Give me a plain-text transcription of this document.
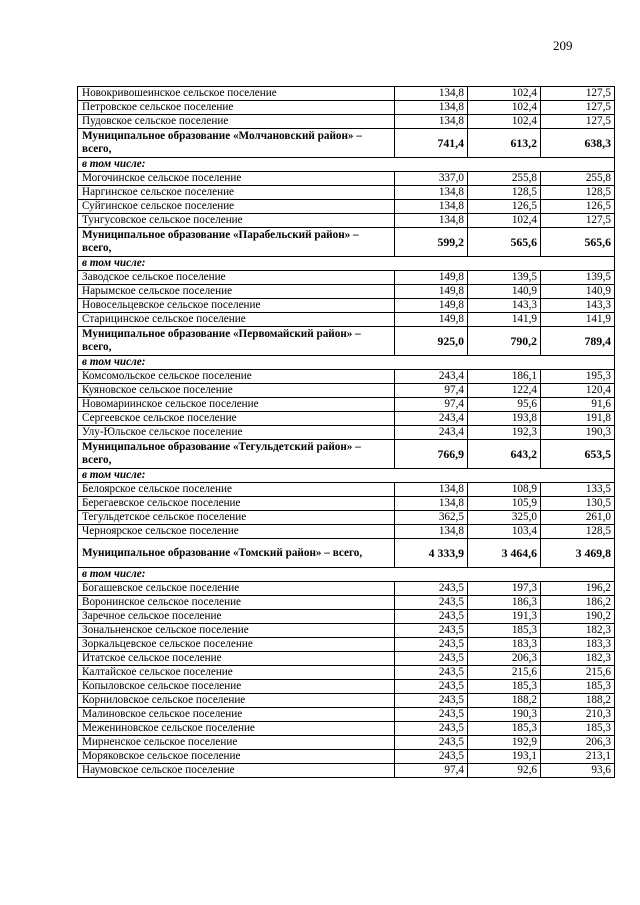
209
Новокривошеинское сельское поселение	134,8	102,4	127,5
Петровское сельское поселение	134,8	102,4	127,5
Пудовское сельское поселение	134,8	102,4	127,5
Муниципальное образование «Молчановский район» – всего,	741,4	613,2	638,3
в том числе:			
Могочинское сельское поселение	337,0	255,8	255,8
Наргинское сельское поселение	134,8	128,5	128,5
Суйгинское сельское поселение	134,8	126,5	126,5
Тунгусовское сельское поселение	134,8	102,4	127,5
Муниципальное образование «Парабельский район» – всего,	599,2	565,6	565,6
в том числе:			
Заводское сельское поселение	149,8	139,5	139,5
Нарымское сельское поселение	149,8	140,9	140,9
Новосельцевское сельское поселение	149,8	143,3	143,3
Старицинское сельское поселение	149,8	141,9	141,9
Муниципальное образование «Первомайский район» – всего,	925,0	790,2	789,4
в том числе:			
Комсомольское сельское поселение	243,4	186,1	195,3
Куяновское сельское поселение	97,4	122,4	120,4
Новомариинское сельское поселение	97,4	95,6	91,6
Сергеевское сельское поселение	243,4	193,8	191,8
Улу-Юльское сельское поселение	243,4	192,3	190,3
Муниципальное образование «Тегульдетский район» – всего,	766,9	643,2	653,5
в том числе:			
Белоярское сельское поселение	134,8	108,9	133,5
Берегаевское сельское поселение	134,8	105,9	130,5
Тегульдетское сельское поселение	362,5	325,0	261,0
Черноярское сельское поселение	134,8	103,4	128,5
Муниципальное образование «Томский район» – всего,	4 333,9	3 464,6	3 469,8
в том числе:			
Богашевское сельское поселение	243,5	197,3	196,2
Воронинское сельское поселение	243,5	186,3	186,2
Заречное сельское поселение	243,5	191,3	190,2
Зональненское сельское поселение	243,5	185,3	182,3
Зоркальцевское сельское поселение	243,5	183,3	183,3
Итатское сельское поселение	243,5	206,3	182,3
Калтайское сельское поселение	243,5	215,6	215,6
Копыловское сельское поселение	243,5	185,3	185,3
Корниловское сельское поселение	243,5	188,2	188,2
Малиновское сельское поселение	243,5	190,3	210,3
Межениновское сельское поселение	243,5	185,3	185,3
Мирненское сельское поселение	243,5	192,9	206,3
Моряковское сельское поселение	243,5	193,1	213,1
Наумовское сельское поселение	97,4	92,6	93,6
